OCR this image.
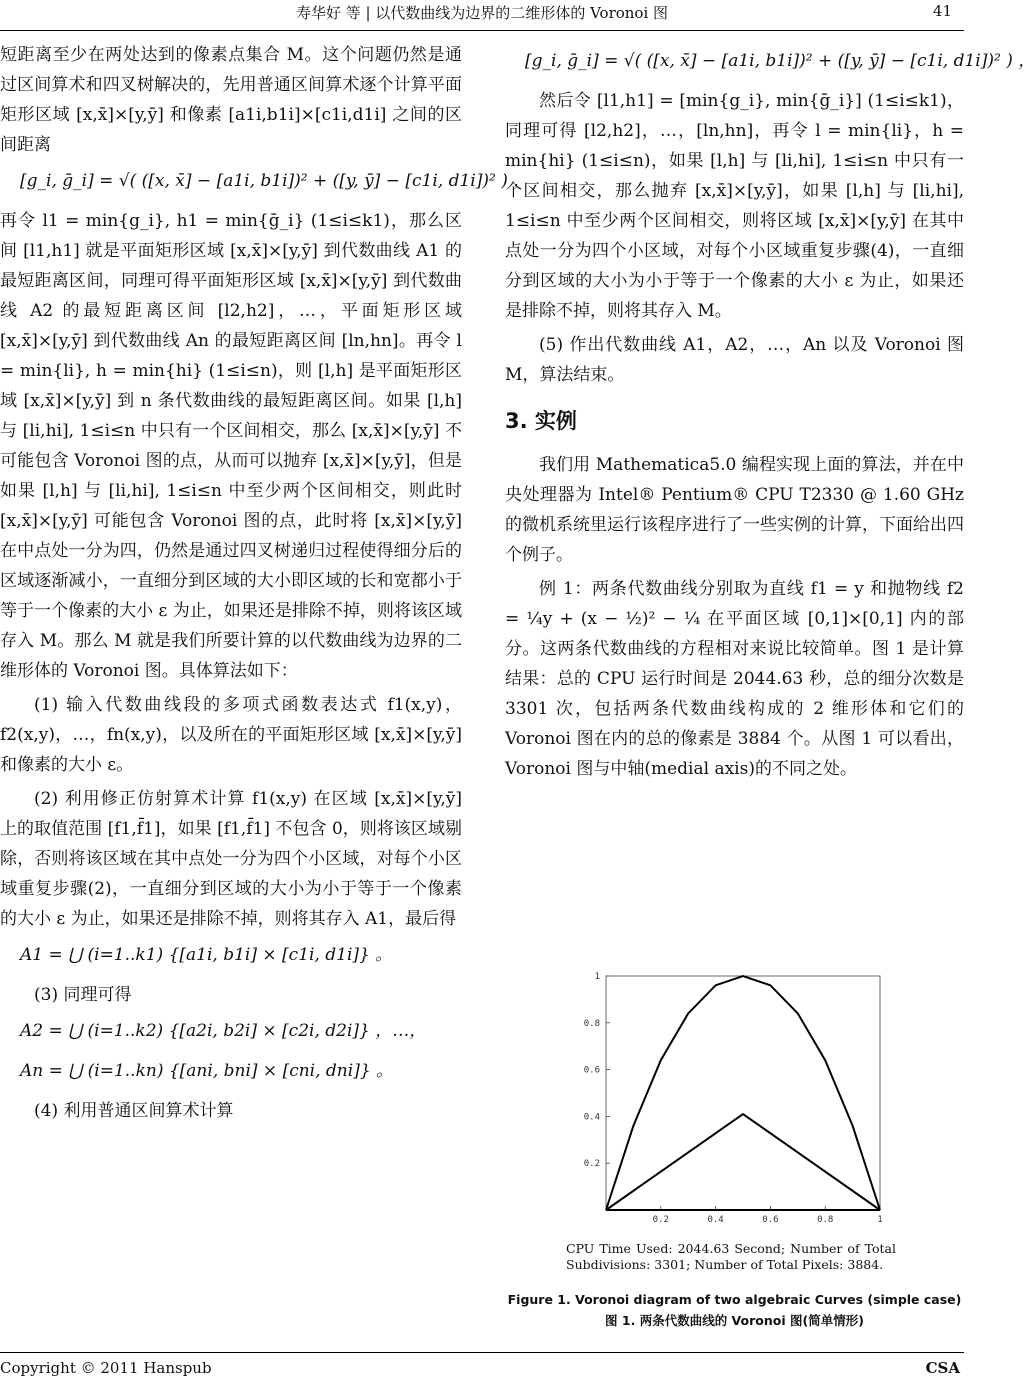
寿华好 等 | 以代数曲线为边界的二维形体的 Voronoi 图	41

短距离至少在两处达到的像素点集合 M。这个问题仍然是通过区间算术和四叉树解决的，先用普通区间算术逐个计算平面矩形区域 [x,x̄]×[y,ȳ] 和像素 [a1i,b1i]×[c1i,d1i] 之间的区间距离

[g_i, ḡ_i] = √( ([x, x̄] − [a1i, b1i])² + ([y, ȳ] − [c1i, d1i])² ) ，

再令 l1 = min{g_i}, h1 = min{ḡ_i} (1≤i≤k1)，那么区间 [l1,h1] 就是平面矩形区域 [x,x̄]×[y,ȳ] 到代数曲线 A1 的最短距离区间，同理可得平面矩形区域 [x,x̄]×[y,ȳ] 到代数曲线 A2 的最短距离区间 [l2,h2]，…，平面矩形区域 [x,x̄]×[y,ȳ] 到代数曲线 An 的最短距离区间 [ln,hn]。再令 l = min{li}, h = min{hi} (1≤i≤n)，则 [l,h] 是平面矩形区域 [x,x̄]×[y,ȳ] 到 n 条代数曲线的最短距离区间。如果 [l,h] 与 [li,hi], 1≤i≤n 中只有一个区间相交，那么 [x,x̄]×[y,ȳ] 不可能包含 Voronoi 图的点，从而可以抛弃 [x,x̄]×[y,ȳ]，但是如果 [l,h] 与 [li,hi], 1≤i≤n 中至少两个区间相交，则此时 [x,x̄]×[y,ȳ] 可能包含 Voronoi 图的点，此时将 [x,x̄]×[y,ȳ] 在中点处一分为四，仍然是通过四叉树递归过程使得细分后的区域逐渐减小，一直细分到区域的大小即区域的长和宽都小于等于一个像素的大小 ε 为止，如果还是排除不掉，则将该区域存入 M。那么 M 就是我们所要计算的以代数曲线为边界的二维形体的 Voronoi 图。具体算法如下：

(1) 输入代数曲线段的多项式函数表达式 f1(x,y)，f2(x,y)，…，fn(x,y)，以及所在的平面矩形区域 [x,x̄]×[y,ȳ] 和像素的大小 ε。

(2) 利用修正仿射算术计算 f1(x,y) 在区域 [x,x̄]×[y,ȳ] 上的取值范围 [f1,f̄1]，如果 [f1,f̄1] 不包含 0，则将该区域剔除，否则将该区域在其中点处一分为四个小区域，对每个小区域重复步骤(2)，一直细分到区域的大小为小于等于一个像素的大小 ε 为止，如果还是排除不掉，则将其存入 A1，最后得

A1 = ⋃ (i=1..k1) {[a1i, b1i] × [c1i, d1i]} 。

(3) 同理可得

A2 = ⋃ (i=1..k2) {[a2i, b2i] × [c2i, d2i]} ，…，
An = ⋃ (i=1..kn) {[ani, bni] × [cni, dni]} 。

(4) 利用普通区间算术计算

[g_i, ḡ_i] = √( ([x, x̄] − [a1i, b1i])² + ([y, ȳ] − [c1i, d1i])² ) ，

然后令 [l1,h1] = [min{g_i}, min{ḡ_i}] (1≤i≤k1)，同理可得 [l2,h2]，…，[ln,hn]，再令 l = min{li}，h = min{hi} (1≤i≤n)，如果 [l,h] 与 [li,hi], 1≤i≤n 中只有一个区间相交，那么抛弃 [x,x̄]×[y,ȳ]，如果 [l,h] 与 [li,hi], 1≤i≤n 中至少两个区间相交，则将区域 [x,x̄]×[y,ȳ] 在其中点处一分为四个小区域，对每个小区域重复步骤(4)，一直细分到区域的大小为小于等于一个像素的大小 ε 为止，如果还是排除不掉，则将其存入 M。

(5) 作出代数曲线 A1，A2，…，An 以及 Voronoi 图 M，算法结束。

3. 实例

我们用 Mathematica5.0 编程实现上面的算法，并在中央处理器为 Intel® Pentium® CPU T2330 @ 1.60 GHz 的微机系统里运行该程序进行了一些实例的计算，下面给出四个例子。

例 1：两条代数曲线分别取为直线 f1 = y 和抛物线 f2 = ¼y + (x − ½)² − ¼ 在平面区域 [0,1]×[0,1] 内的部分。这两条代数曲线的方程相对来说比较简单。图 1 是计算结果：总的 CPU 运行时间是 2044.63 秒，总的细分次数是 3301 次，包括两条代数曲线构成的 2 维形体和它们的 Voronoi 图在内的总的像素是 3884 个。从图 1 可以看出，Voronoi 图与中轴(medial axis)的不同之处。

0.2
0.4
0.6
0.8
1
0.2	0.4	0.6	0.8	1
CPU Time Used: 2044.63 Second; Number of Total Subdivisions: 3301; Number of Total Pixels: 3884.
Figure 1. Voronoi diagram of two algebraic Curves (simple case)
图 1. 两条代数曲线的 Voronoi 图(简单情形)
Copyright © 2011 Hanspub	CSA
